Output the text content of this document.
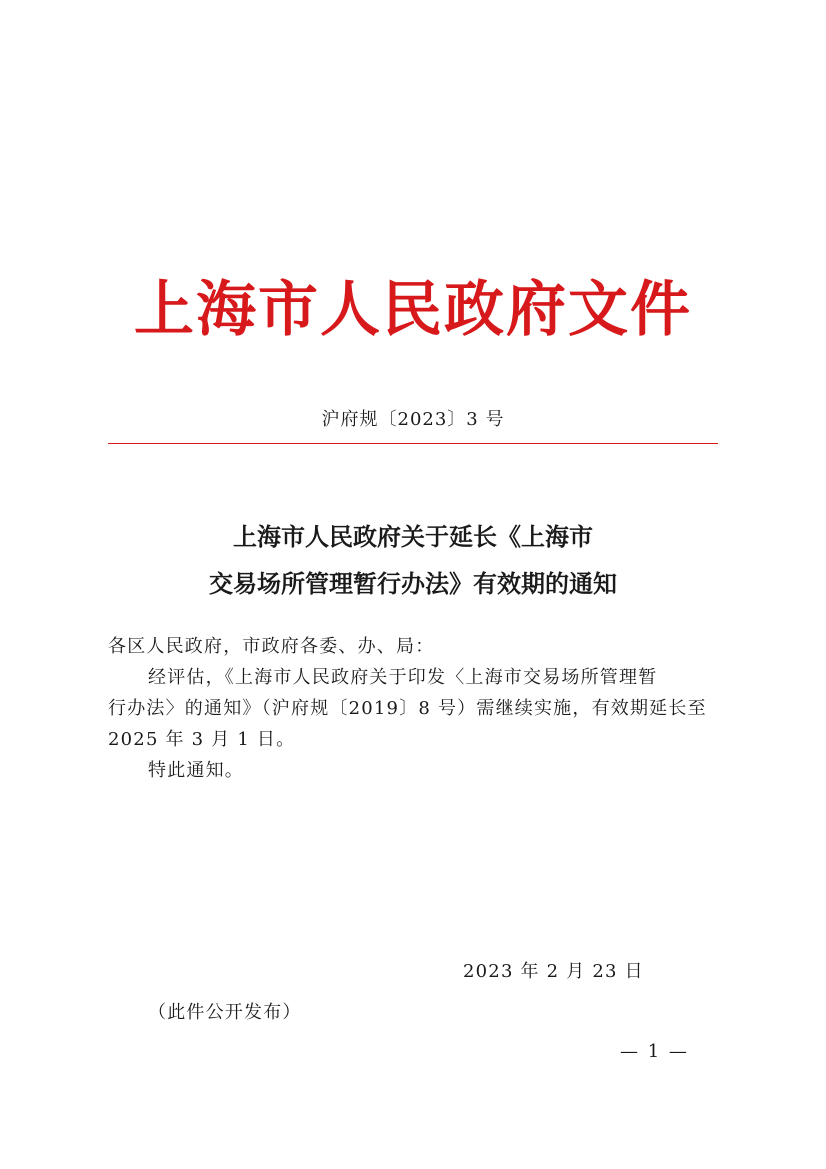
上海市人民政府文件
沪府规〔2023〕3 号
上海市人民政府关于延长《上海市
交易场所管理暂行办法》有效期的通知
各区人民政府，市政府各委、办、局：
经评估，《上海市人民政府关于印发〈上海市交易场所管理暂
行办法〉的通知》（沪府规〔2019〕8 号）需继续实施，有效期延长至
2025 年 3 月 1 日。
特此通知。
2023 年 2 月 23 日
（此件公开发布）
— 1 —
